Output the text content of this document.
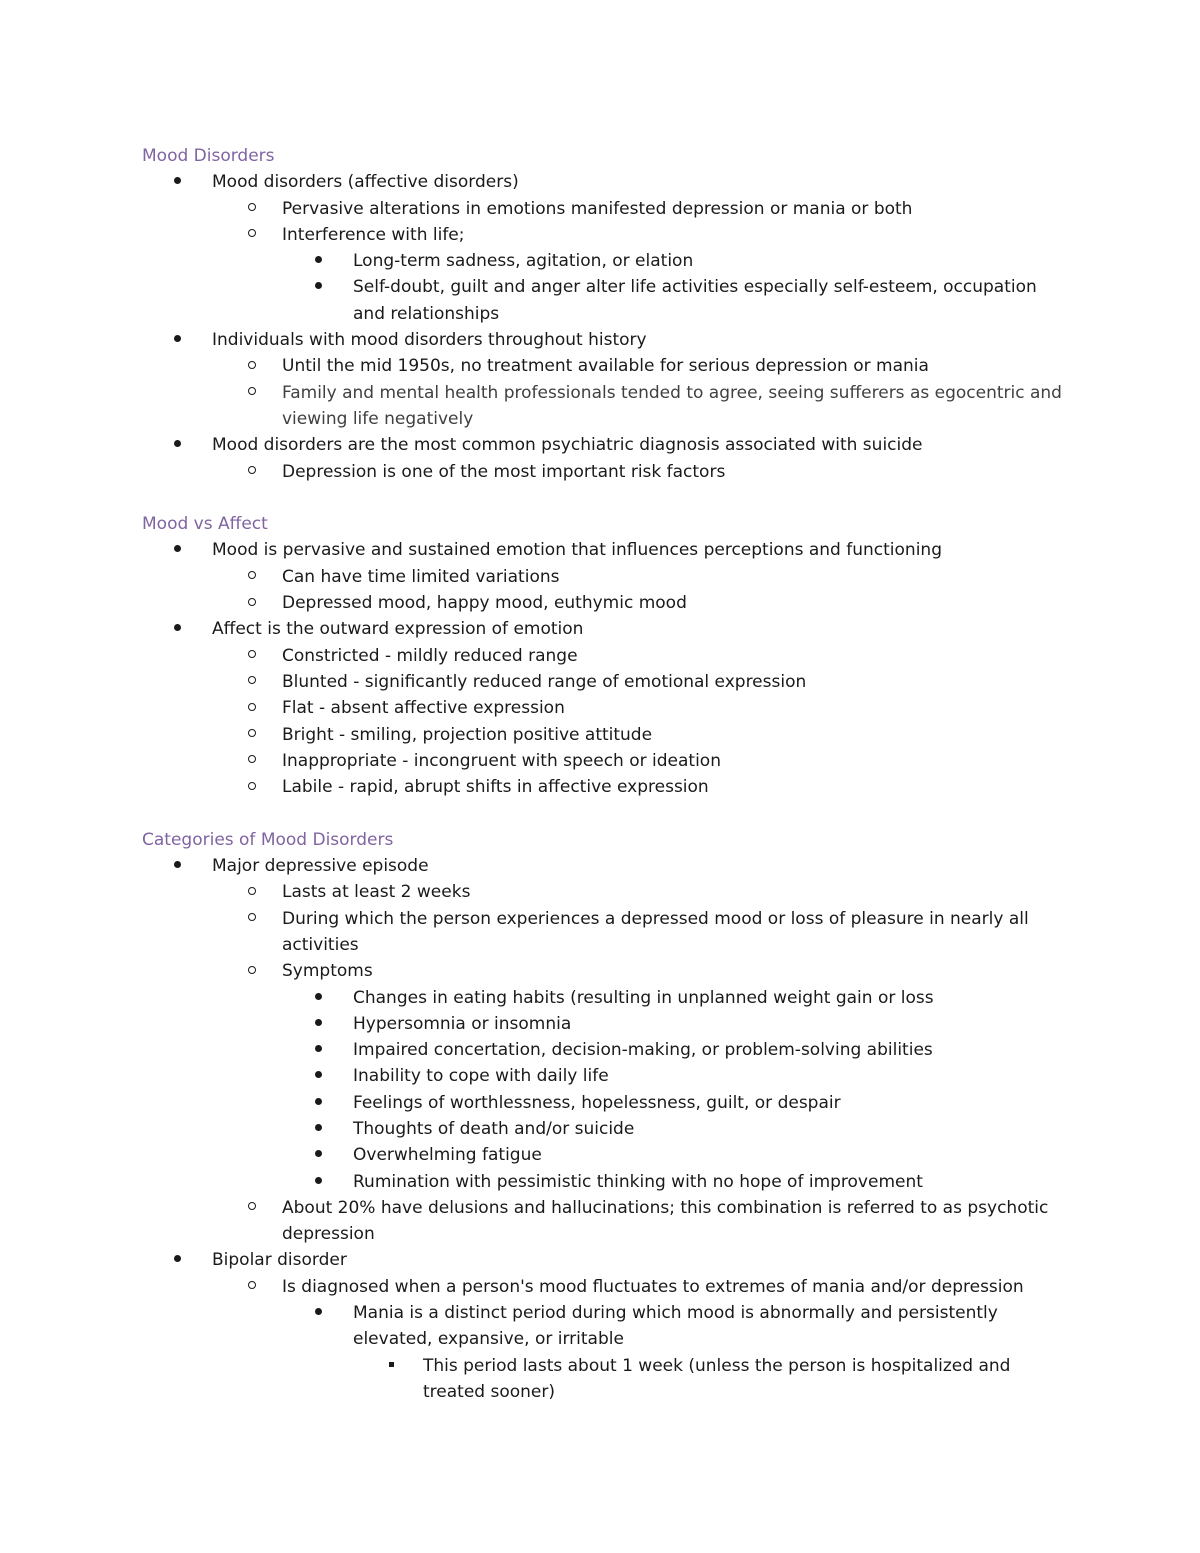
Mood Disorders
Mood disorders (affective disorders)
Pervasive alterations in emotions manifested depression or mania or both
Interference with life;
Long-term sadness, agitation, or elation
Self-doubt, guilt and anger alter life activities especially self-esteem, occupation and relationships
Individuals with mood disorders throughout history
Until the mid 1950s, no treatment available for serious depression or mania
Family and mental health professionals tended to agree, seeing sufferers as egocentric and viewing life negatively
Mood disorders are the most common psychiatric diagnosis associated with suicide
Depression is one of the most important risk factors
Mood vs Affect
Mood is pervasive and sustained emotion that influences perceptions and functioning
Can have time limited variations
Depressed mood, happy mood, euthymic mood
Affect is the outward expression of emotion
Constricted - mildly reduced range
Blunted - significantly reduced range of emotional expression
Flat - absent affective expression
Bright - smiling, projection positive attitude
Inappropriate - incongruent with speech or ideation
Labile - rapid, abrupt shifts in affective expression
Categories of Mood Disorders
Major depressive episode
Lasts at least 2 weeks
During which the person experiences a depressed mood or loss of pleasure in nearly all activities
Symptoms
Changes in eating habits (resulting in unplanned weight gain or loss
Hypersomnia or insomnia
Impaired concertation, decision-making, or problem-solving abilities
Inability to cope with daily life
Feelings of worthlessness, hopelessness, guilt, or despair
Thoughts of death and/or suicide
Overwhelming fatigue
Rumination with pessimistic thinking with no hope of improvement
About 20% have delusions and hallucinations; this combination is referred to as psychotic depression
Bipolar disorder
Is diagnosed when a person's mood fluctuates to extremes of mania and/or depression
Mania is a distinct period during which mood is abnormally and persistently elevated, expansive, or irritable
This period lasts about 1 week (unless the person is hospitalized and treated sooner)
